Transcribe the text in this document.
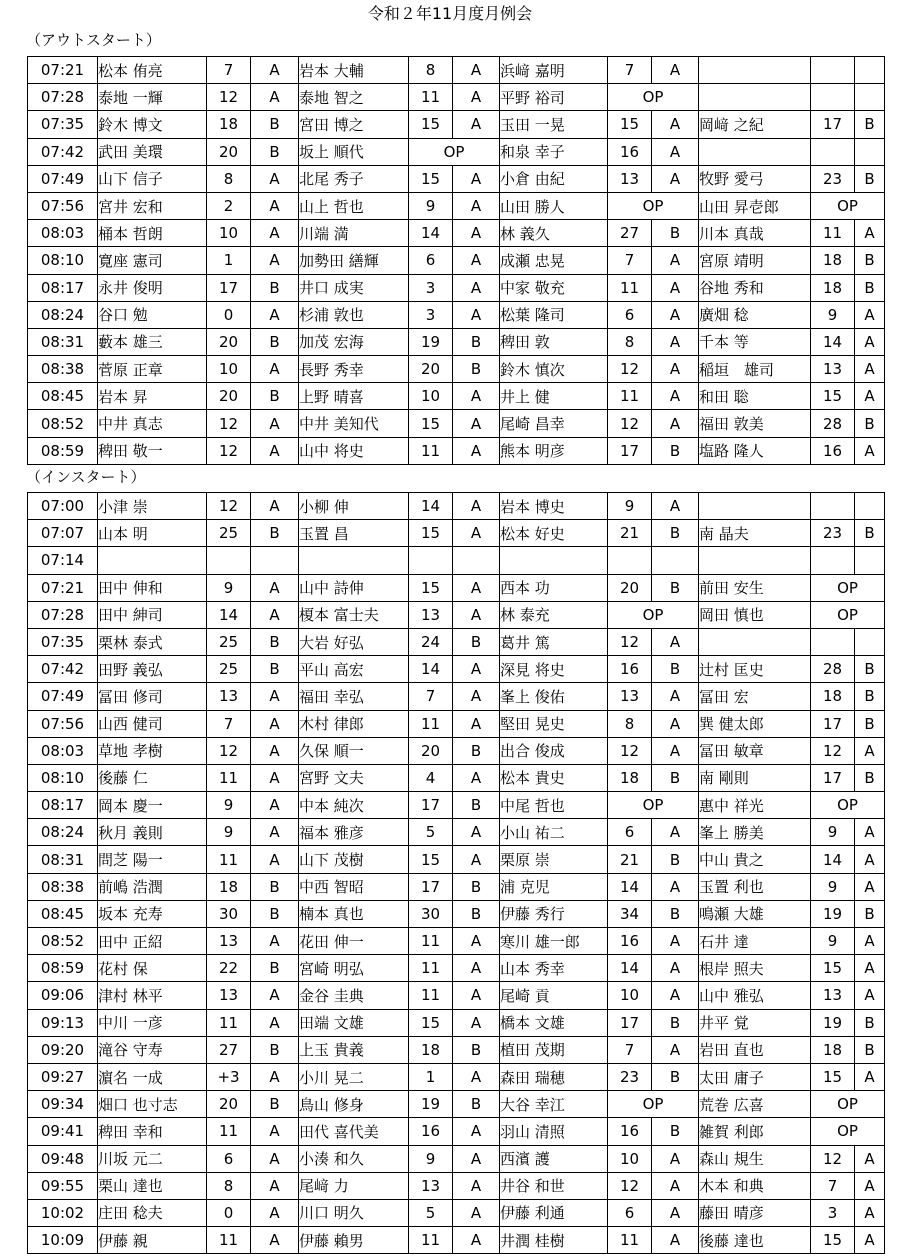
令和２年11月度月例会
（アウトスタート）
07:21	松本 侑亮	7	A	岩本 大輔	8	A	浜﨑 嘉明	7	A			
07:28	泰地 一輝	12	A	泰地 智之	11	A	平野 裕司	OP				
07:35	鈴木 博文	18	B	宮田 博之	15	A	玉田 一晃	15	A	岡﨑 之紀	17	B
07:42	武田 美環	20	B	坂上 順代	OP		和泉 幸子	16	A			
07:49	山下 信子	8	A	北尾 秀子	15	A	小倉 由紀	13	A	牧野 愛弓	23	B
07:56	宮井 宏和	2	A	山上 哲也	9	A	山田 勝人	OP		山田 昇壱郎	OP	
08:03	桶本 哲朗	10	A	川端 満	14	A	林 義久	27	B	川本 真哉	11	A
08:10	寛座 憲司	1	A	加勢田 繕輝	6	A	成瀬 忠晃	7	A	宮原 靖明	18	B
08:17	永井 俊明	17	B	井口 成実	3	A	中家 敬充	11	A	谷地 秀和	18	B
08:24	谷口 勉	0	A	杉浦 敦也	3	A	松葉 隆司	6	A	廣畑 稔	9	A
08:31	藪本 雄三	20	B	加茂 宏海	19	B	稗田 敦	8	A	千本 等	14	A
08:38	菅原 正章	10	A	長野 秀幸	20	B	鈴木 慎次	12	A	稲垣　雄司	13	A
08:45	岩本 昇	20	B	上野 晴喜	10	A	井上 健	11	A	和田 聡	15	A
08:52	中井 真志	12	A	中井 美知代	15	A	尾崎 昌幸	12	A	福田 敦美	28	B
08:59	稗田 敬一	12	A	山中 将史	11	A	熊本 明彦	17	B	塩路 隆人	16	A
（インスタート）
07:00	小津 崇	12	A	小柳 伸	14	A	岩本 博史	9	A			
07:07	山本 明	25	B	玉置 昌	15	A	松本 好史	21	B	南 晶夫	23	B
07:14												
07:21	田中 伸和	9	A	山中 詩伸	15	A	西本 功	20	B	前田 安生	OP	
07:28	田中 紳司	14	A	榎本 富士夫	13	A	林 泰充	OP		岡田 慎也	OP	
07:35	栗林 泰式	25	B	大岩 好弘	24	B	葛井 篤	12	A			
07:42	田野 義弘	25	B	平山 高宏	14	A	深見 将史	16	B	辻村 匡史	28	B
07:49	冨田 修司	13	A	福田 幸弘	7	A	峯上 俊佑	13	A	冨田 宏	18	B
07:56	山西 健司	7	A	木村 律郎	11	A	堅田 晃史	8	A	巽 健太郎	17	B
08:03	草地 孝樹	12	A	久保 順一	20	B	出合 俊成	12	A	冨田 敏章	12	A
08:10	後藤 仁	11	A	宮野 文夫	4	A	松本 貴史	18	B	南 剛則	17	B
08:17	岡本 慶一	9	A	中本 純次	17	B	中尾 哲也	OP		惠中 祥光	OP	
08:24	秋月 義則	9	A	福本 雅彦	5	A	小山 祐二	6	A	峯上 勝美	9	A
08:31	問芝 陽一	11	A	山下 茂樹	15	A	栗原 崇	21	B	中山 貴之	14	A
08:38	前嶋 浩潤	18	B	中西 智昭	17	B	浦 克児	14	A	玉置 利也	9	A
08:45	坂本 充寿	30	B	楠本 真也	30	B	伊藤 秀行	34	B	鳴瀬 大雄	19	B
08:52	田中 正紹	13	A	花田 伸一	11	A	寒川 雄一郎	16	A	石井 達	9	A
08:59	花村 保	22	B	宮崎 明弘	11	A	山本 秀幸	14	A	根岸 照夫	15	A
09:06	津村 林平	13	A	金谷 圭典	11	A	尾崎 貢	10	A	山中 雅弘	13	A
09:13	中川 一彦	11	A	田端 文雄	15	A	橋本 文雄	17	B	井平 覚	19	B
09:20	滝谷 守寿	27	B	上玉 貴義	18	B	植田 茂期	7	A	岩田 直也	18	B
09:27	濵名 一成	+3	A	小川 晃二	1	A	森田 瑞穂	23	B	太田 庸子	15	A
09:34	畑口 也寸志	20	B	鳥山 修身	19	B	大谷 幸江	OP		荒巻 広喜	OP	
09:41	稗田 幸和	11	A	田代 喜代美	16	A	羽山 清照	16	B	雑賀 利郎	OP	
09:48	川坂 元二	6	A	小湊 和久	9	A	西濱 護	10	A	森山 規生	12	A
09:55	栗山 達也	8	A	尾﨑 力	13	A	井谷 和世	12	A	木本 和典	7	A
10:02	庄田 稔夫	0	A	川口 明久	5	A	伊藤 利通	6	A	藤田 晴彦	3	A
10:09	伊藤 親	11	A	伊藤 賴男	11	A	井潤 桂樹	11	A	後藤 達也	15	A
